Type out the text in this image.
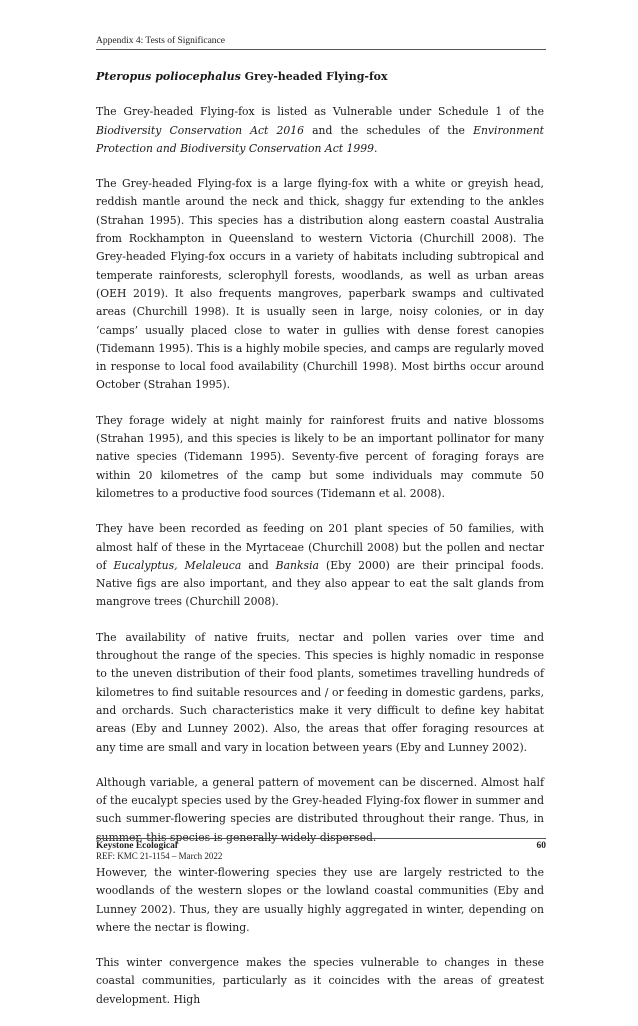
Appendix 4: Tests of Significance

Pteropus poliocephalus Grey-headed Flying-fox

The Grey-headed Flying-fox is listed as Vulnerable under Schedule 1 of the Biodiversity Conservation Act 2016 and the schedules of the Environment Protection and Biodiversity Conservation Act 1999.

The Grey-headed Flying-fox is a large flying-fox with a white or greyish head, reddish mantle around the neck and thick, shaggy fur extending to the ankles (Strahan 1995). This species has a distribution along eastern coastal Australia from Rockhampton in Queensland to western Victoria (Churchill 2008). The Grey-headed Flying-fox occurs in a variety of habitats including subtropical and temperate rainforests, sclerophyll forests, woodlands, as well as urban areas (OEH 2019). It also frequents mangroves, paperbark swamps and cultivated areas (Churchill 1998). It is usually seen in large, noisy colonies, or in day ‘camps’ usually placed close to water in gullies with dense forest canopies (Tidemann 1995). This is a highly mobile species, and camps are regularly moved in response to local food availability (Churchill 1998). Most births occur around October (Strahan 1995).

They forage widely at night mainly for rainforest fruits and native blossoms (Strahan 1995), and this species is likely to be an important pollinator for many native species (Tidemann 1995). Seventy-five percent of foraging forays are within 20 kilometres of the camp but some individuals may commute 50 kilometres to a productive food sources (Tidemann et al. 2008).

They have been recorded as feeding on 201 plant species of 50 families, with almost half of these in the Myrtaceae (Churchill 2008) but the pollen and nectar of Eucalyptus, Melaleuca and Banksia (Eby 2000) are their principal foods. Native figs are also important, and they also appear to eat the salt glands from mangrove trees (Churchill 2008).

The availability of native fruits, nectar and pollen varies over time and throughout the range of the species. This species is highly nomadic in response to the uneven distribution of their food plants, sometimes travelling hundreds of kilometres to find suitable resources and / or feeding in domestic gardens, parks, and orchards. Such characteristics make it very difficult to define key habitat areas (Eby and Lunney 2002). Also, the areas that offer foraging resources at any time are small and vary in location between years (Eby and Lunney 2002).

Although variable, a general pattern of movement can be discerned. Almost half of the eucalypt species used by the Grey-headed Flying-fox flower in summer and such summer-flowering species are distributed throughout their range. Thus, in summer, this species is generally widely dispersed.

However, the winter-flowering species they use are largely restricted to the woodlands of the western slopes or the lowland coastal communities (Eby and Lunney 2002). Thus, they are usually highly aggregated in winter, depending on where the nectar is flowing.

This winter convergence makes the species vulnerable to changes in these coastal communities, particularly as it coincides with the areas of greatest development. High

Keystone Ecological
REF: KMC 21-1154 – March 2022
60
